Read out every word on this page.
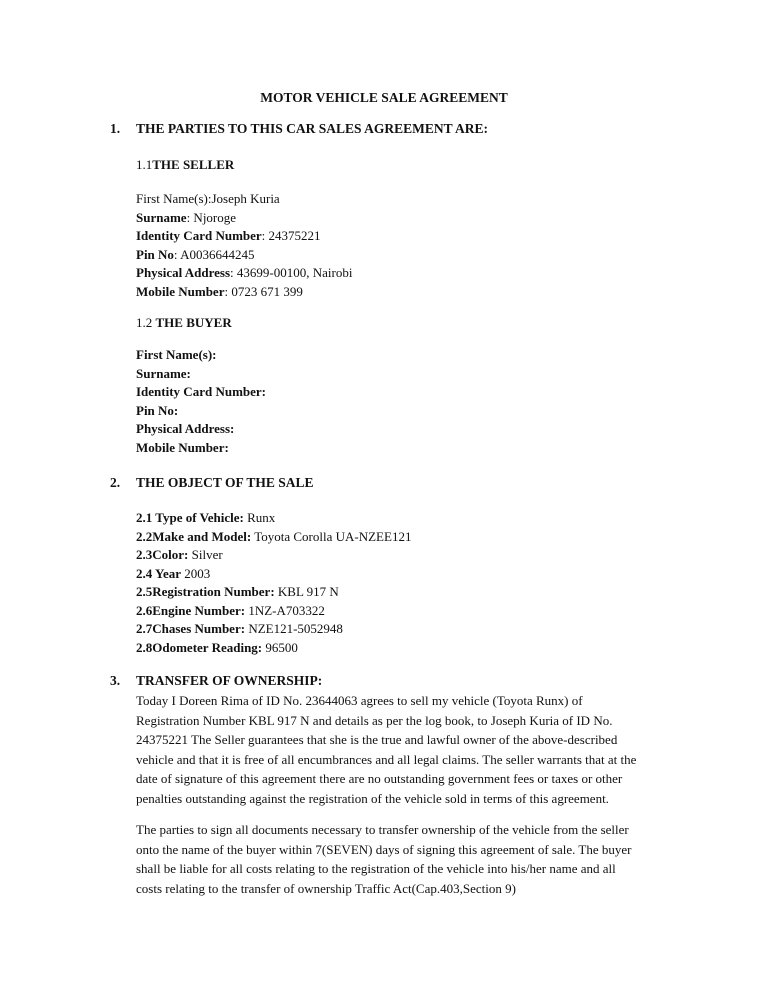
MOTOR VEHICLE SALE AGREEMENT
1. THE PARTIES TO THIS CAR SALES AGREEMENT ARE:
1.1THE SELLER
First Name(s):Joseph Kuria
Surname: Njoroge
Identity Card Number: 24375221
Pin No: A0036644245
Physical Address: 43699-00100, Nairobi
Mobile Number: 0723 671 399
1.2 THE BUYER
First Name(s):
Surname:
Identity Card Number:
Pin No:
Physical Address:
Mobile Number:
2. THE OBJECT OF THE SALE
2.1 Type of Vehicle: Runx
2.2Make and Model: Toyota Corolla UA-NZEE121
2.3Color: Silver
2.4 Year 2003
2.5Registration Number: KBL 917 N
2.6Engine Number: 1NZ-A703322
2.7Chases Number: NZE121-5052948
2.8Odometer Reading: 96500
3. TRANSFER OF OWNERSHIP:
Today I Doreen Rima of ID No. 23644063 agrees to sell my vehicle (Toyota Runx) of
Registration Number KBL 917 N and details as per the log book, to Joseph Kuria of ID No.
24375221 The Seller guarantees that she is the true and lawful owner of the above-described
vehicle and that it is free of all encumbrances and all legal claims. The seller warrants that at the
date of signature of this agreement there are no outstanding government fees or taxes or other
penalties outstanding against the registration of the vehicle sold in terms of this agreement.
The parties to sign all documents necessary to transfer ownership of the vehicle from the seller
onto the name of the buyer within 7(SEVEN) days of signing this agreement of sale. The buyer
shall be liable for all costs relating to the registration of the vehicle into his/her name and all
costs relating to the transfer of ownership Traffic Act(Cap.403,Section 9)
